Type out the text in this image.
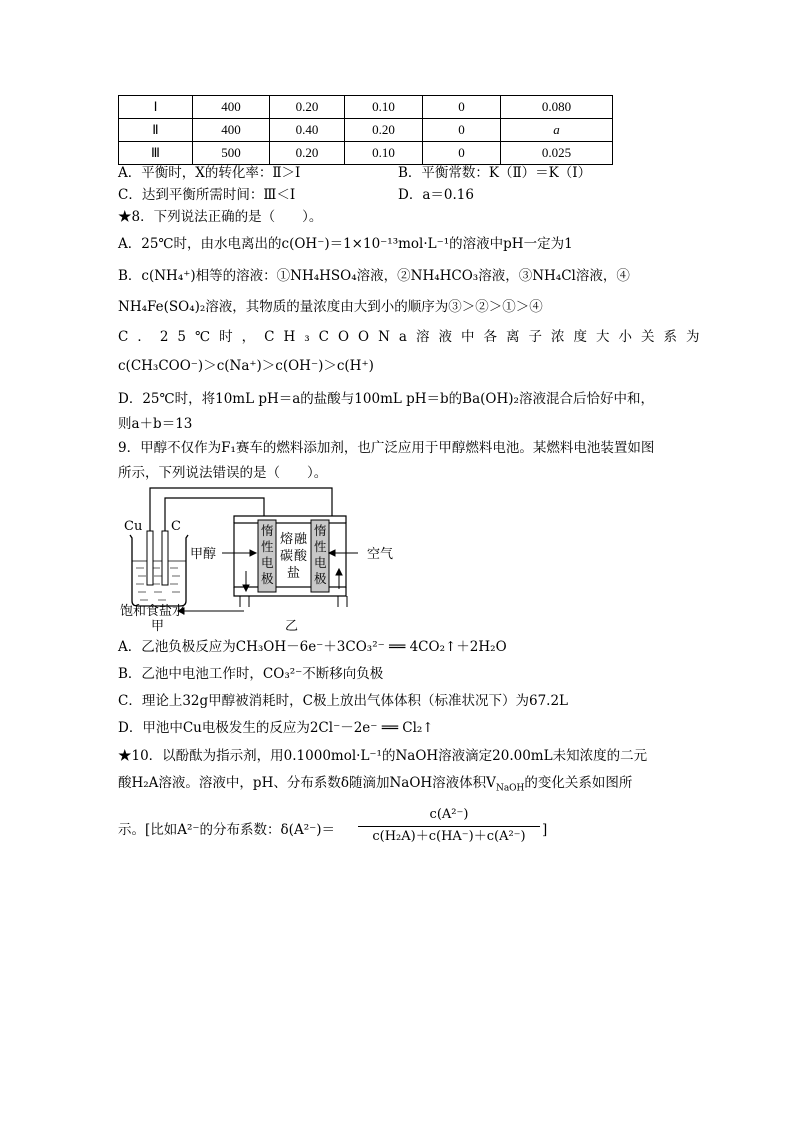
Ⅰ	400	0.20	0.10	0	0.080
Ⅱ	400	0.40	0.20	0	a
Ⅲ	500	0.20	0.10	0	0.025
A．平衡时，X的转化率：Ⅱ＞Ⅰ	B．平衡常数：K（Ⅱ）＝K（Ⅰ）
C．达到平衡所需时间：Ⅲ＜Ⅰ	D．a＝0.16
★8．下列说法正确的是（　　）。
A．25℃时，由水电离出的c(OH⁻)＝1×10⁻¹³mol·L⁻¹的溶液中pH一定为1
B．c(NH₄⁺)相等的溶液：①NH₄HSO₄溶液，②NH₄HCO₃溶液，③NH₄Cl溶液，④
NH₄Fe(SO₄)₂溶液，其物质的量浓度由大到小的顺序为③＞②＞①＞④
C．25℃时，CH₃COONa溶液中各离子浓度大小关系为
c(CH₃COO⁻)＞c(Na⁺)＞c(OH⁻)＞c(H⁺)
D．25℃时，将10mL pH＝a的盐酸与100mL pH＝b的Ba(OH)₂溶液混合后恰好中和，
则a＋b＝13
9．甲醇不仅作为F₁赛车的燃料添加剂，也广泛应用于甲醇燃料电池。某燃料电池装置如图
所示，下列说法错误的是（　　）。
Cu C	惰
性
电
极
熔 融
碳 酸
盐
惰
性
电
极
甲醇	空气
饱和食盐水
甲	乙
A．乙池负极反应为CH₃OH－6e⁻＋3CO₃²⁻ ══ 4CO₂↑＋2H₂O
B．乙池中电池工作时，CO₃²⁻不断移向负极
C．理论上32g甲醇被消耗时，C极上放出气体体积（标准状况下）为67.2L
D．甲池中Cu电极发生的反应为2Cl⁻－2e⁻ ══ Cl₂↑
★10．以酚酞为指示剂，用0.1000mol·L⁻¹的NaOH溶液滴定20.00mL未知浓度的二元
酸H₂A溶液。溶液中，pH、分布系数δ随滴加NaOH溶液体积$V_{NaOH}$的变化关系如图所
示。[比如A²⁻的分布系数：δ(A²⁻)＝
c(A²⁻)
c(H₂A)＋c(HA⁻)＋c(A²⁻)	]
